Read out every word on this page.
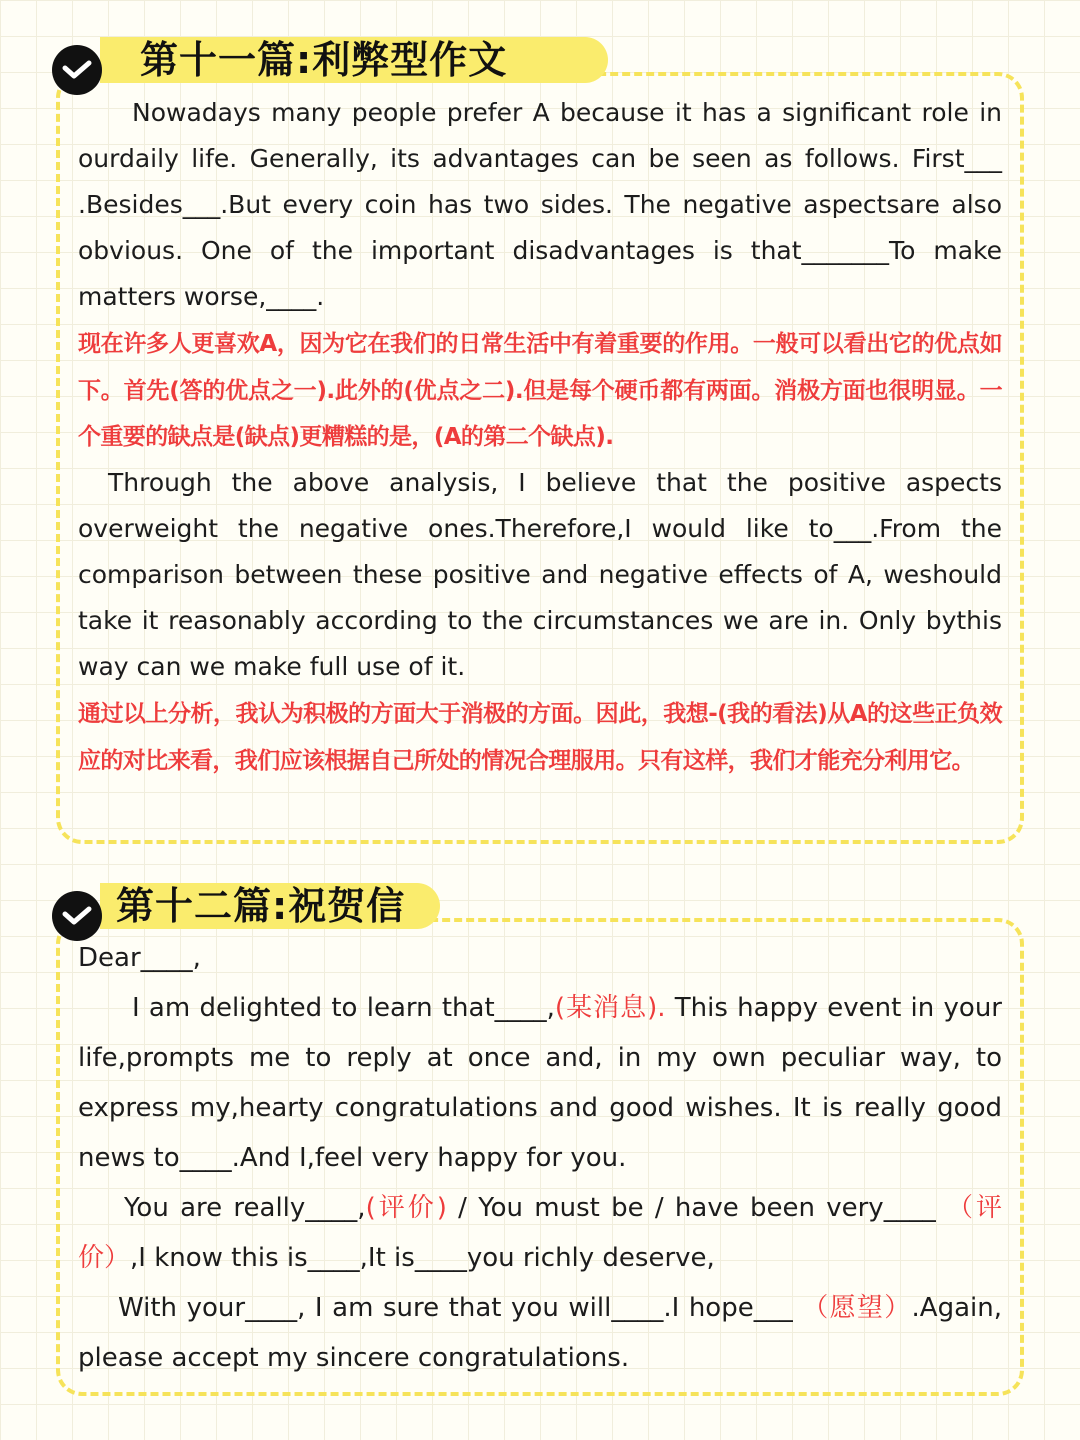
第十一篇:利弊型作文

Nowadays many people prefer A because it has a significant role in ourdaily life. Generally, its advantages can be seen as follows. First___ .Besides___.But every coin has two sides. The negative aspectsare also obvious. One of the important disadvantages is that_______To make matters worse,____.

现在许多人更喜欢A，因为它在我们的日常生活中有着重要的作用。一般可以看出它的优点如下。首先(答的优点之一).此外的(优点之二).但是每个硬币都有两面。消极方面也很明显。一个重要的缺点是(缺点)更糟糕的是，(A的第二个缺点).

Through the above analysis, I believe that the positive aspects overweight the negative ones.Therefore,I would like to___.From the comparison between these positive and negative effects of A, weshould take it reasonably according to the circumstances we are in. Only bythis way can we make full use of it.

通过以上分析，我认为积极的方面大于消极的方面。因此，我想-(我的看法)从A的这些正负效应的对比来看，我们应该根据自己所处的情况合理服用。只有这样，我们才能充分利用它。

第十二篇:祝贺信

Dear____,

I am delighted to learn that____,(某消息). This happy event in your life,prompts me to reply at once and, in my own peculiar way, to express my,hearty congratulations and good wishes. It is really good news to____.And I,feel very happy for you.

You are really____,(评价) / You must be / have been very____ （评价）,I know this is____,It is____you richly deserve,

With your____, I am sure that you will____.I hope___ （愿望）.Again, please accept my sincere congratulations.
